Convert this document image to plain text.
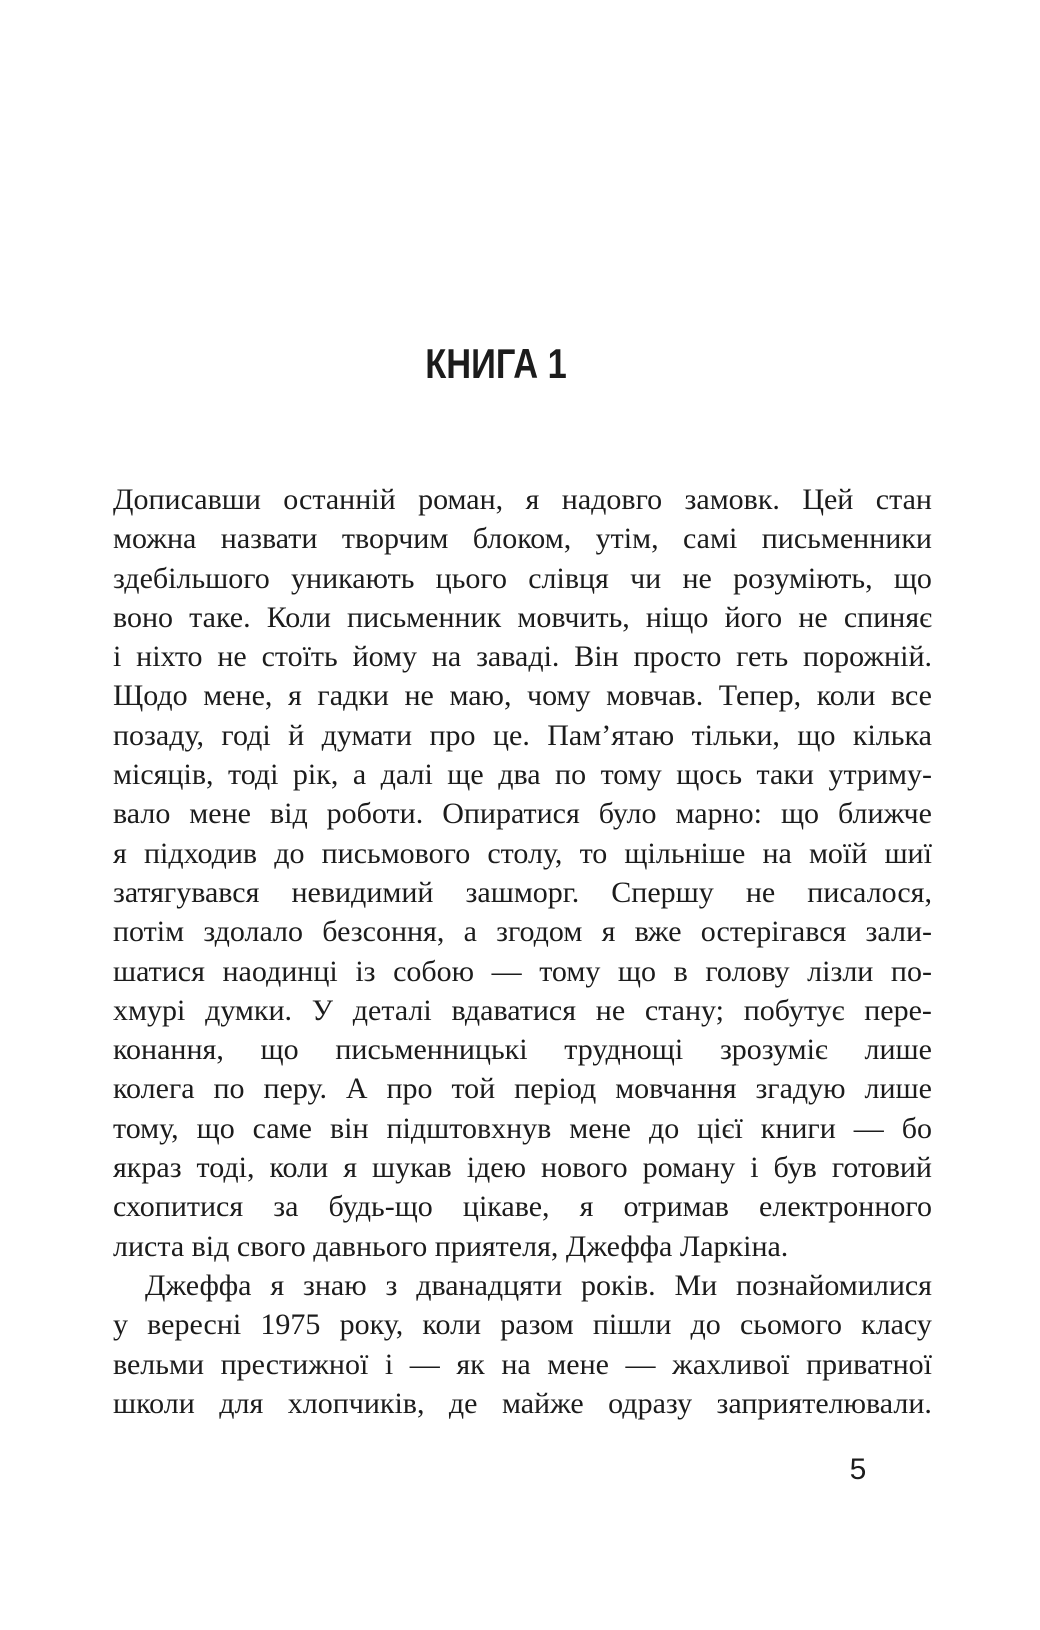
КНИГА 1
Дописавши останній роман, я надовго замовк. Цей стан
можна назвати творчим блоком, утім, самі письменники
здебільшого уникають цього слівця чи не розуміють, що
воно таке. Коли письменник мовчить, ніщо його не спиняє
і ніхто не стоїть йому на заваді. Він просто геть порожній.
Щодо мене, я гадки не маю, чому мовчав. Тепер, коли все
позаду, годі й думати про це. Пам’ятаю тільки, що кілька
місяців, тоді рік, а далі ще два по тому щось таки утриму-
вало мене від роботи. Опиратися було марно: що ближче
я підходив до письмового столу, то щільніше на моїй шиї
затягувався невидимий зашморг. Спершу не писалося,
потім здолало безсоння, а згодом я вже остерігався зали-
шатися наодинці із собою — тому що в голову лізли по-
хмурі думки. У деталі вдаватися не стану; побутує пере-
конання, що письменницькі труднощі зрозуміє лише
колега по перу. А про той період мовчання згадую лише
тому, що саме він підштовхнув мене до цієї книги — бо
якраз тоді, коли я шукав ідею нового роману і був готовий
схопитися за будь-що цікаве, я отримав електронного
листа від свого давнього приятеля, Джеффа Ларкіна.
Джеффа я знаю з дванадцяти років. Ми познайомилися
у вересні 1975 року, коли разом пішли до сьомого класу
вельми престижної і — як на мене — жахливої приватної
школи для хлопчиків, де майже одразу заприятелювали.
5
